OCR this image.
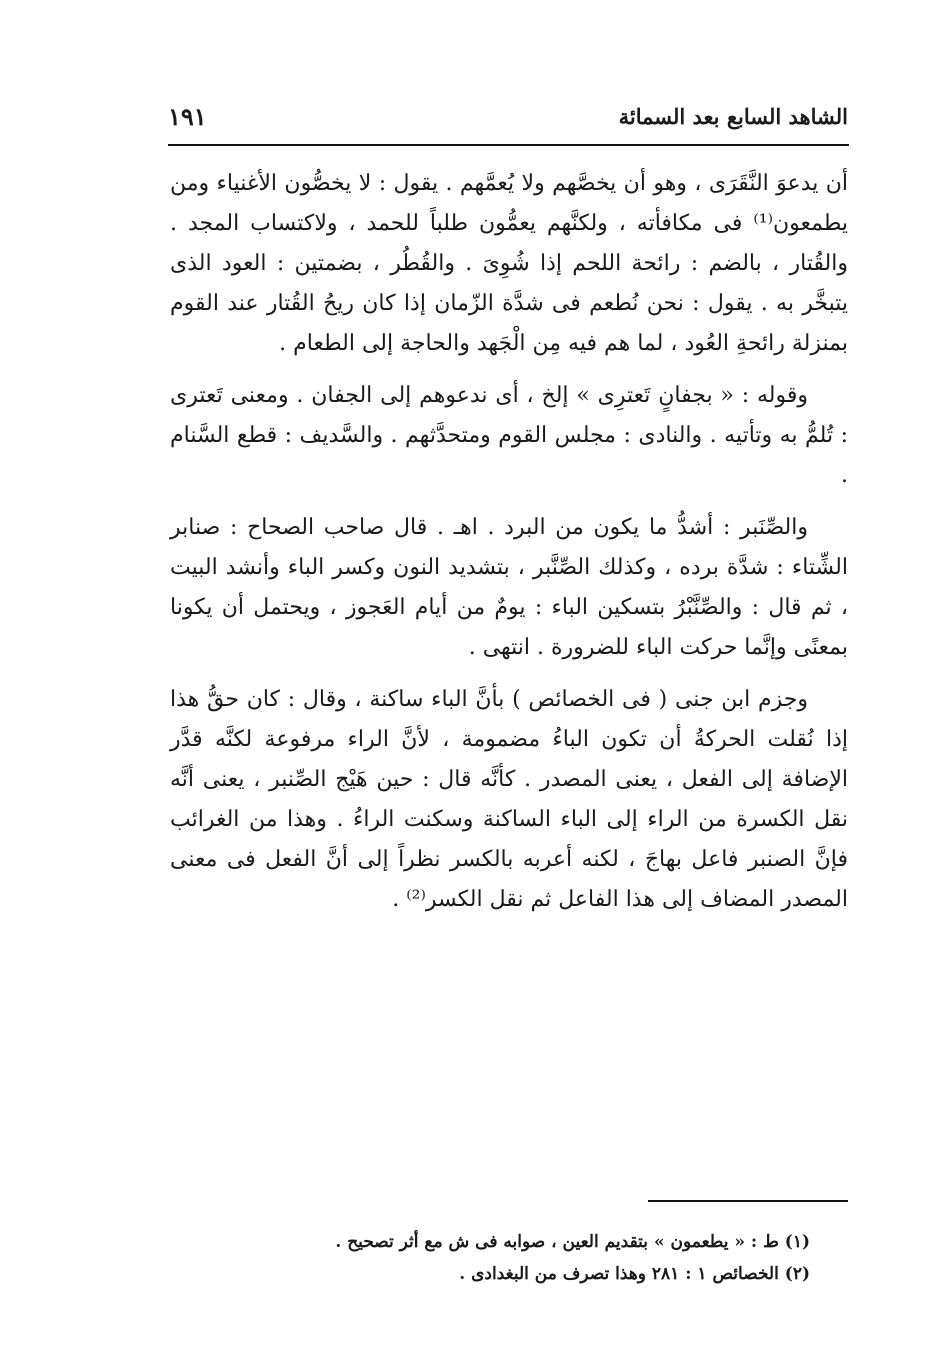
الشاهد السابع بعد السمائة
١٩١

أن يدعوَ النَّقَرَى ، وهو أن يخصَّهم ولا يُعمَّهم . يقول : لا يخصُّون الأغنياء ومن يطمعون⁽¹⁾ فى مكافأته ، ولكنَّهم يعمُّون طلباً للحمد ، ولاكتساب المجد . والقُتار ، بالضم : رائحة اللحم إذا شُوِىَ . والقُطُر ، بضمتين : العود الذى يتبخَّر به . يقول : نحن نُطعم فى شدَّة الزّمان إذا كان ريحُ القُتار عند القوم بمنزلة رائحةِ العُود ، لما هم فيه مِن الْجَهد والحاجة إلى الطعام .

وقوله : « بجفانٍ تَعترِى » إلخ ، أى ندعوهم إلى الجفان . ومعنى تَعترى : تُلمُّ به وتأتيه . والنادى : مجلس القوم ومتحدَّثهم . والسَّديف : قطع السَّنام .

والصِّنَبر : أشدُّ ما يكون من البرد . اهـ . قال صاحب الصحاح : صنابر الشِّتاء : شدَّة برده ، وكذلك الصِّنَّبر ، بتشديد النون وكسر الباء وأنشد البيت ، ثم قال : والصِّنَّبْرُ بتسكين الباء : يومٌ من أيام العَجوز ، ويحتمل أن يكونا بمعنًى وإنَّما حركت الباء للضرورة . انتهى .

وجزم ابن جنى ( فى الخصائص ) بأنَّ الباء ساكنة ، وقال : كان حقُّ هذا إذا نُقلت الحركةُ أن تكون الباءُ مضمومة ، لأنَّ الراء مرفوعة لكنَّه قدَّر الإضافة إلى الفعل ، يعنى المصدر . كأنَّه قال : حين هَيْج الصِّنبر ، يعنى أنَّه نقل الكسرة من الراء إلى الباء الساكنة وسكنت الراءُ . وهذا من الغرائب فإنَّ الصنبر فاعل بهاجَ ، لكنه أعربه بالكسر نظراً إلى أنَّ الفعل فى معنى المصدر المضاف إلى هذا الفاعل ثم نقل الكسر⁽²⁾ .

(١) ط : « يطعمون » بتقديم العين ، صوابه فى ش مع أثر تصحيح .
(٢) الخصائص ١ : ٢٨١ وهذا تصرف من البغدادى .
